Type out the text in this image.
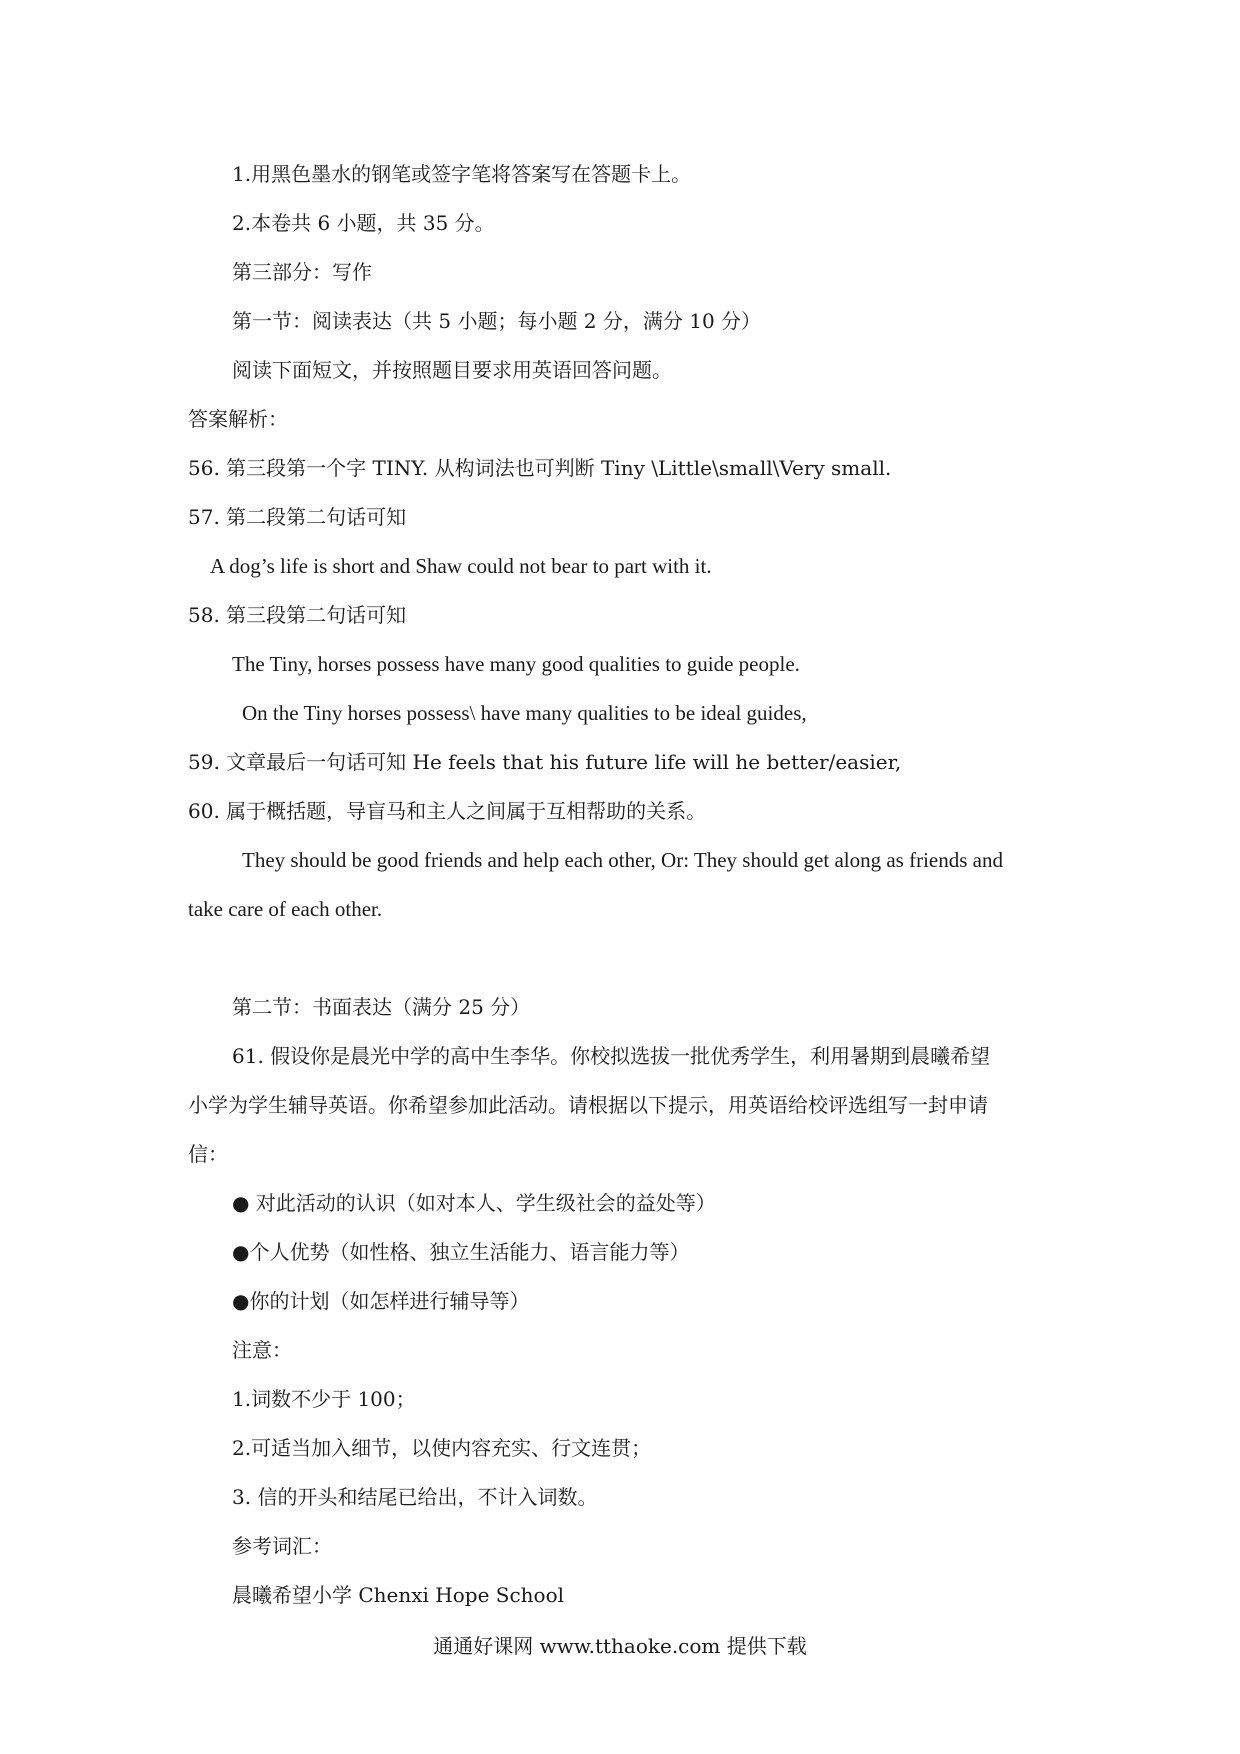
1.用黑色墨水的钢笔或签字笔将答案写在答题卡上。
2.本卷共 6 小题，共 35 分。
第三部分：写作
第一节：阅读表达（共 5 小题；每小题 2 分，满分 10 分）
阅读下面短文，并按照题目要求用英语回答问题。
答案解析：
56. 第三段第一个字 TINY. 从构词法也可判断 Tiny \Little\small\Very small.
57. 第二段第二句话可知
A dog’s life is short and Shaw could not bear to part with it.
58. 第三段第二句话可知
The Tiny, horses possess have many good qualities to guide people.
On the Tiny horses possess\ have many qualities to be ideal guides,
59. 文章最后一句话可知 He feels that his future life will he better/easier,
60. 属于概括题，导盲马和主人之间属于互相帮助的关系。
They should be good friends and help each other, Or: They should get along as friends and
take care of each other.
第二节：书面表达（满分 25 分）
61. 假设你是晨光中学的高中生李华。你校拟选拔一批优秀学生，利用暑期到晨曦希望
小学为学生辅导英语。你希望参加此活动。请根据以下提示，用英语给校评选组写一封申请
信：
● 对此活动的认识（如对本人、学生级社会的益处等）
●个人优势（如性格、独立生活能力、语言能力等）
●你的计划（如怎样进行辅导等）
注意：
1.词数不少于 100；
2.可适当加入细节，以使内容充实、行文连贯；
3. 信的开头和结尾已给出，不计入词数。
参考词汇：
晨曦希望小学 Chenxi Hope School
通通好课网 www.tthaoke.com 提供下载
